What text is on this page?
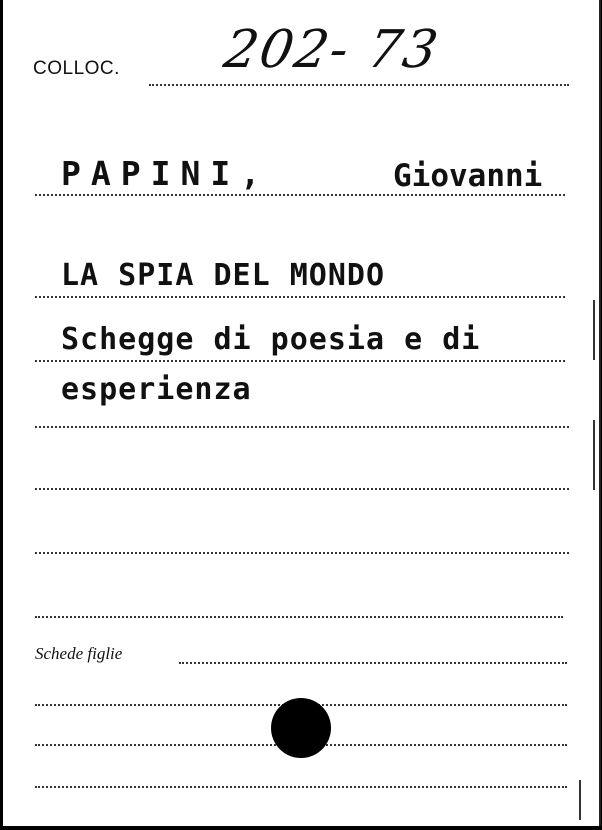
COLLOC. 202- 73
PAPINI,	Giovanni
LA SPIA DEL MONDO
Schegge di poesia e di
esperienza
Schede figlie
